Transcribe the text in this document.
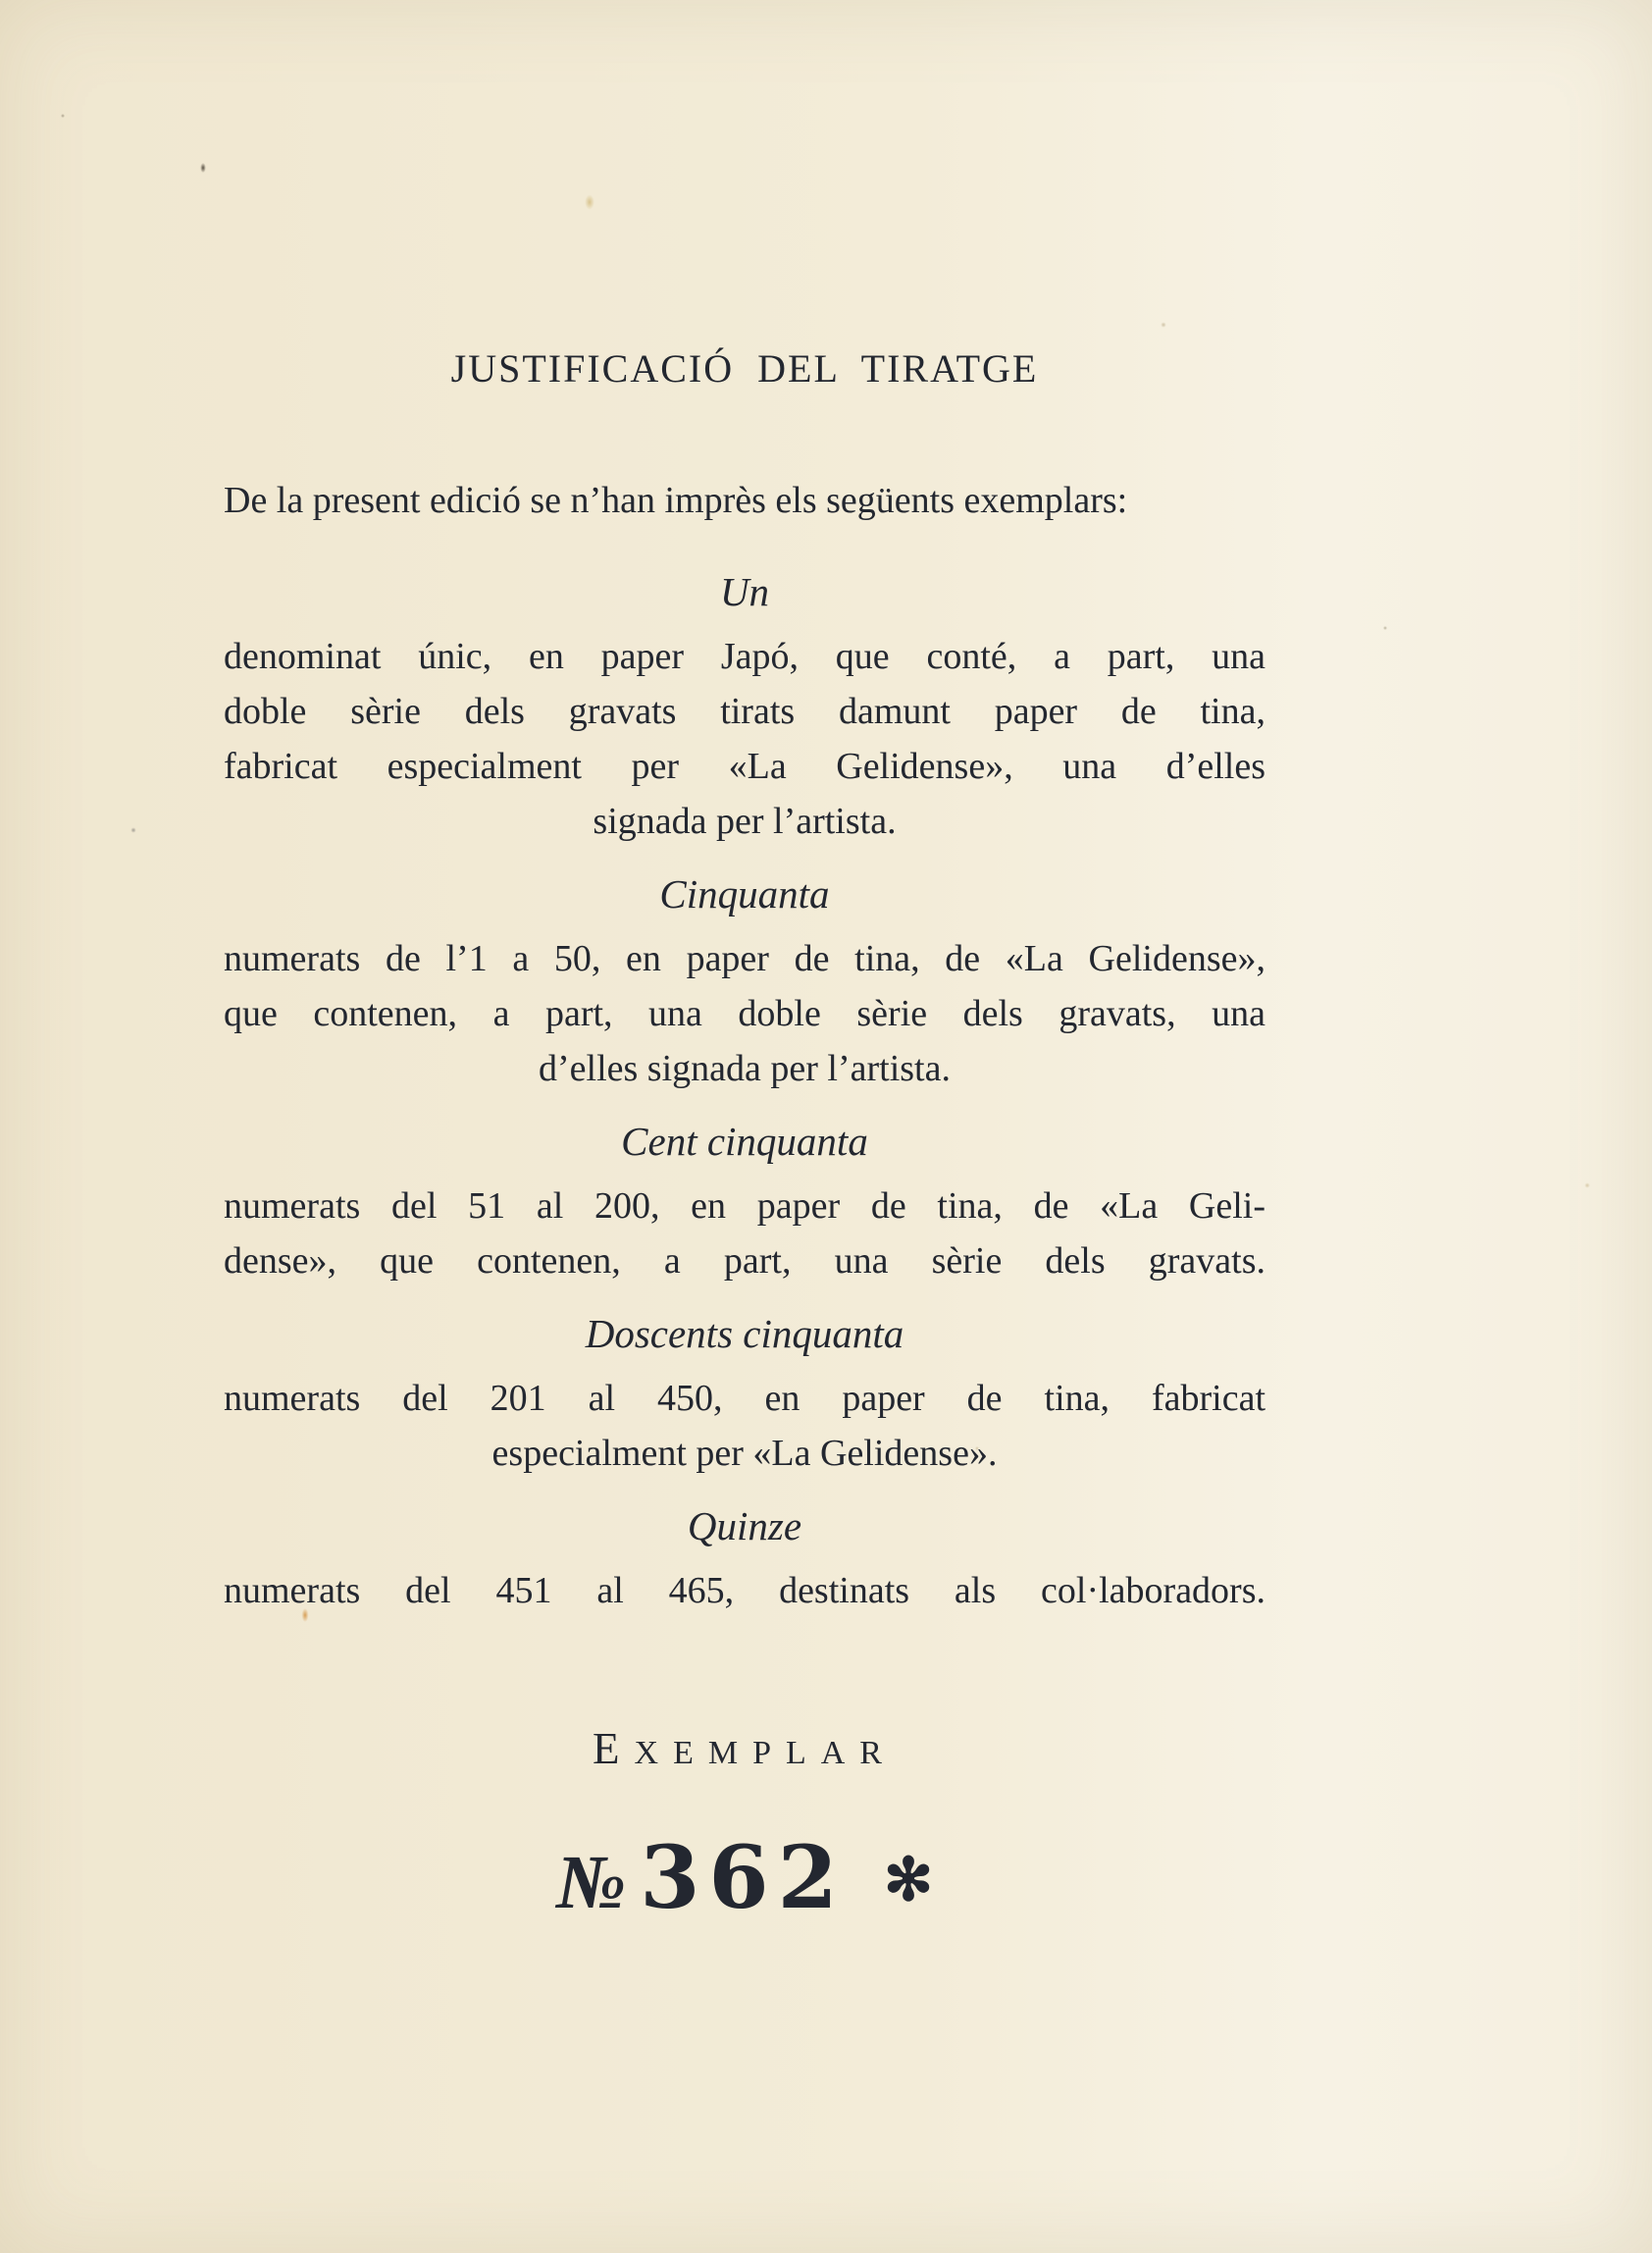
JUSTIFICACIÓ DEL TIRATGE
De la present edició se n’han imprès els següents exemplars:
Un
denominat únic, en paper Japó, que conté, a part, una
doble sèrie dels gravats tirats damunt paper de tina,
fabricat especialment per «La Gelidense», una d’elles
signada per l’artista.
Cinquanta
numerats de l’1 a 50, en paper de tina, de «La Gelidense»,
que contenen, a part, una doble sèrie dels gravats, una
d’elles signada per l’artista.
Cent cinquanta
numerats del 51 al 200, en paper de tina, de «La Geli-
dense», que contenen, a part, una sèrie dels gravats.
Doscents cinquanta
numerats del 201 al 450, en paper de tina, fabricat
especialment per «La Gelidense».
Quinze
numerats del 451 al 465, destinats als col·laboradors.
EXEMPLAR
№ 362 ✻
